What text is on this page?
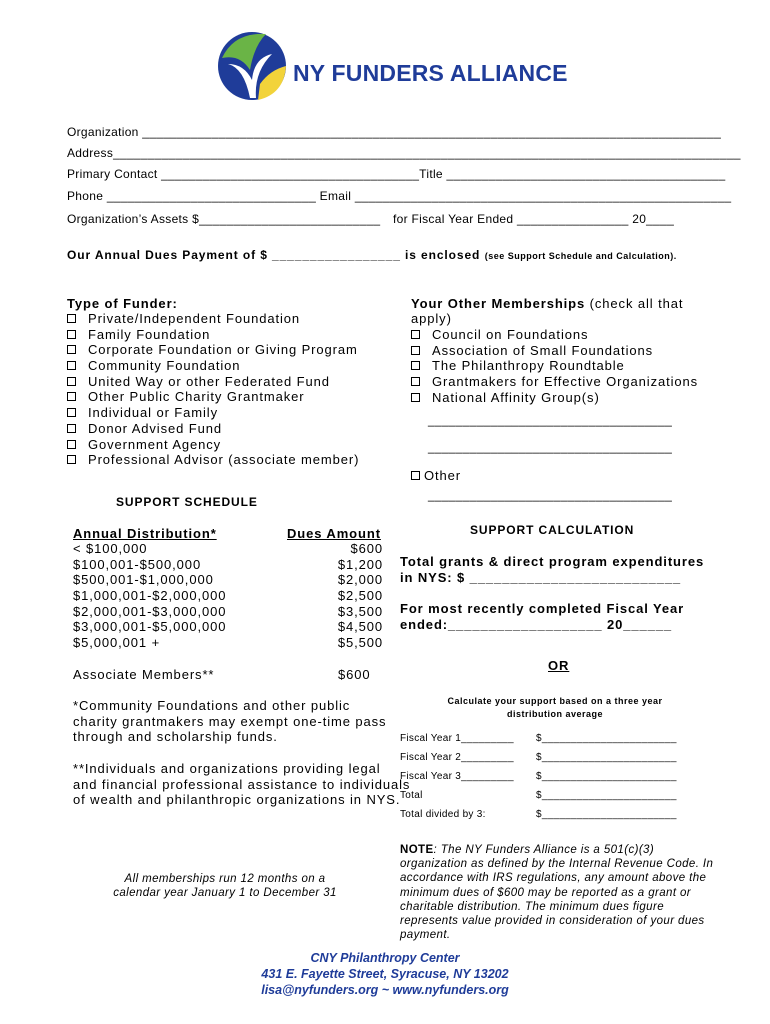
NY FUNDERS ALLIANCE
Organization ___________________________________________________________________________________
Address__________________________________________________________________________________________
Primary Contact _____________________________________Title ________________________________________
Phone ______________________________ Email ______________________________________________________
Organization’s Assets $__________________________ for Fiscal Year Ended ________________ 20____
Our Annual Dues Payment of $ _________________ is enclosed (see Support Schedule and Calculation).
Type of Funder:
Private/Independent Foundation
Family Foundation
Corporate Foundation or Giving Program
Community Foundation
United Way or other Federated Fund
Other Public Charity Grantmaker
Individual or Family
Donor Advised Fund
Government Agency
Professional Advisor (associate member)
Your Other Memberships (check all that
apply)
Council on Foundations
Association of Small Foundations
The Philanthropy Roundtable
Grantmakers for Effective Organizations
National Affinity Group(s)
___________________________________
___________________________________
Other
___________________________________
SUPPORT SCHEDULE
Annual Distribution*	Dues Amount
< $100,000	$600
$100,001-$500,000	$1,200
$500,001-$1,000,000	$2,000
$1,000,001-$2,000,000	$2,500
$2,000,001-$3,000,000	$3,500
$3,000,001-$5,000,000	$4,500
$5,000,001 +	$5,500
Associate Members**	$600
*Community Foundations and other public
charity grantmakers may exempt one-time pass
through and scholarship funds.
**Individuals and organizations providing legal
and financial professional assistance to individuals
of wealth and philanthropic organizations in NYS.
All memberships run 12 months on a
calendar year January 1 to December 31
SUPPORT CALCULATION
Total grants & direct program expenditures
in NYS: $ __________________________
For most recently completed Fiscal Year
ended:___________________ 20______
OR
Calculate your support based on a three year
distribution average
Fiscal Year 1_________ $_______________________
Fiscal Year 2_________ $_______________________
Fiscal Year 3_________ $_______________________
Total	$_______________________
Total divided by 3:	$_______________________
NOTE: The NY Funders Alliance is a 501(c)(3) organization as defined by the Internal Revenue Code. In accordance with IRS regulations, any amount above the minimum dues of $600 may be reported as a grant or charitable distribution. The minimum dues figure represents value provided in consideration of your dues payment.
CNY Philanthropy Center
431 E. Fayette Street, Syracuse, NY 13202
lisa@nyfunders.org ~ www.nyfunders.org
